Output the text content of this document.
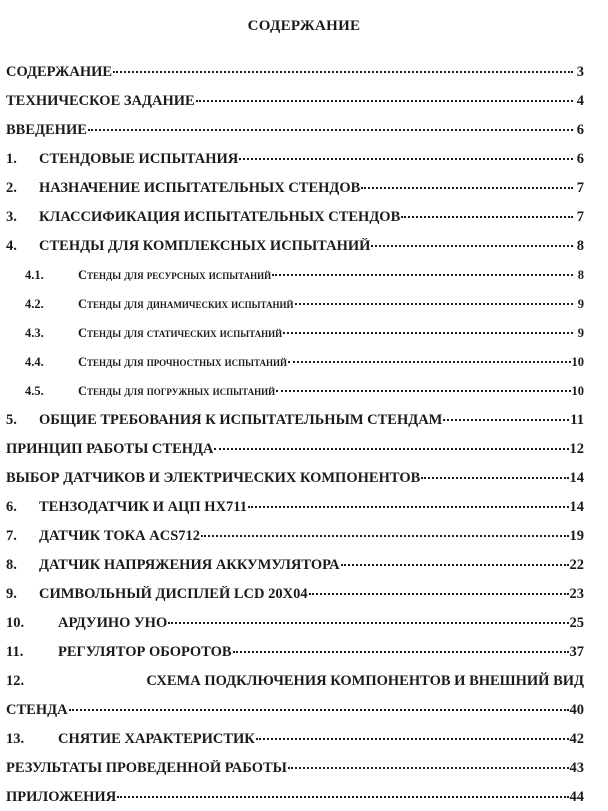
СОДЕРЖАНИЕ
СОДЕРЖАНИЕ	3
ТЕХНИЧЕСКОЕ ЗАДАНИЕ	4
ВВЕДЕНИЕ	6
1.	СТЕНДОВЫЕ ИСПЫТАНИЯ	6
2.	НАЗНАЧЕНИЕ ИСПЫТАТЕЛЬНЫХ СТЕНДОВ	7
3.	КЛАССИФИКАЦИЯ ИСПЫТАТЕЛЬНЫХ СТЕНДОВ	7
4.	СТЕНДЫ ДЛЯ КОМПЛЕКСНЫХ ИСПЫТАНИЙ	8
4.1.	Стенды для ресурсных испытаний	8
4.2.	Стенды для динамических испытаний	9
4.3.	Стенды для статических испытаний	9
4.4.	Стенды для прочностных испытаний	10
4.5.	Стенды для погружных испытаний	10
5.	ОБЩИЕ ТРЕБОВАНИЯ К ИСПЫТАТЕЛЬНЫМ СТЕНДАМ	11
ПРИНЦИП РАБОТЫ СТЕНДА	12
ВЫБОР ДАТЧИКОВ И ЭЛЕКТРИЧЕСКИХ КОМПОНЕНТОВ	14
6.	ТЕНЗОДАТЧИК И АЦП HX711	14
7.	ДАТЧИК ТОКА ACS712	19
8.	ДАТЧИК НАПРЯЖЕНИЯ АККУМУЛЯТОРА	22
9.	СИМВОЛЬНЫЙ ДИСПЛЕЙ LCD 20X04	23
10.	АРДУИНО УНО	25
11.	РЕГУЛЯТОР ОБОРОТОВ	37
12.	СХЕМА ПОДКЛЮЧЕНИЯ КОМПОНЕНТОВ И ВНЕШНИЙ ВИД
СТЕНДА	40
13.	СНЯТИЕ ХАРАКТЕРИСТИК	42
РЕЗУЛЬТАТЫ ПРОВЕДЕННОЙ РАБОТЫ	43
ПРИЛОЖЕНИЯ	44
